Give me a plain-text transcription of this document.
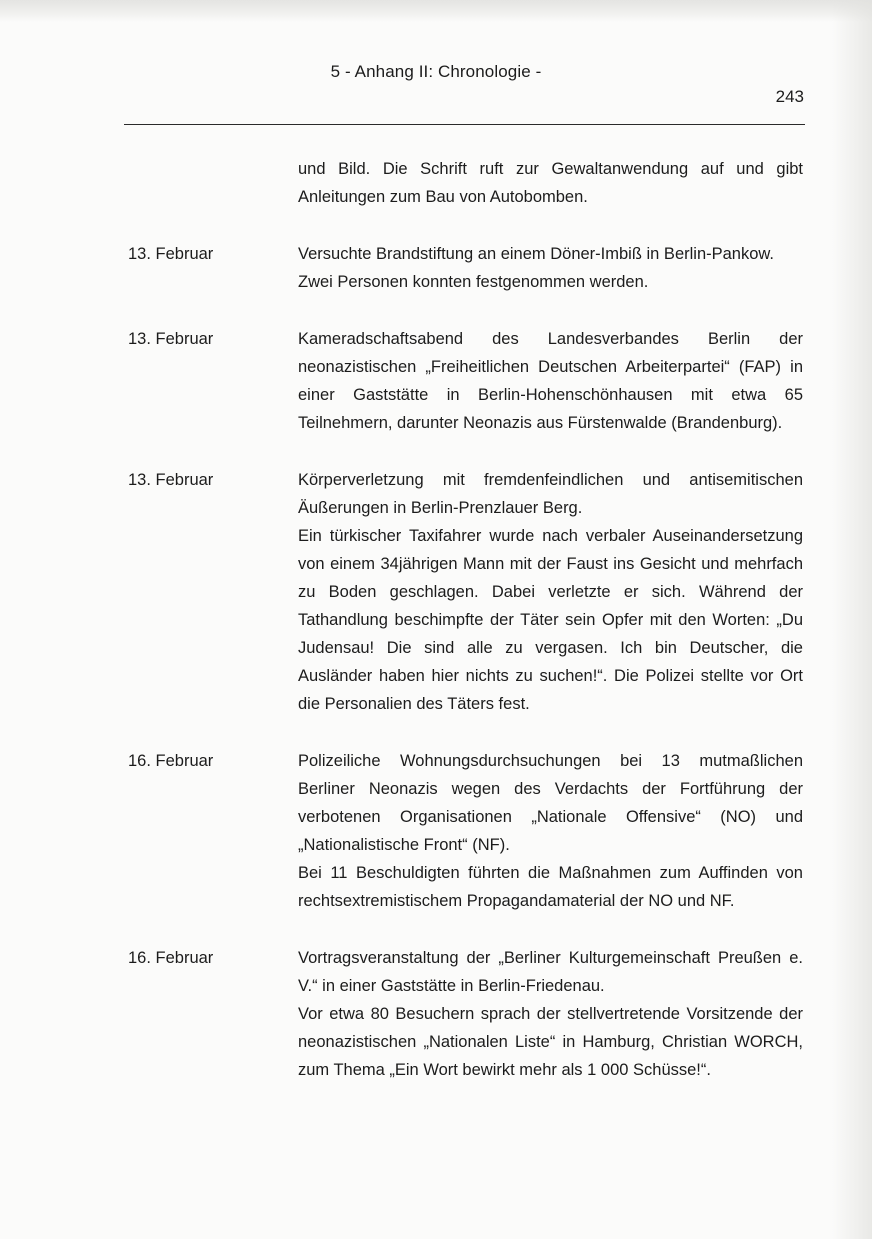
5 - Anhang II: Chronologie -
243

und Bild. Die Schrift ruft zur Gewaltanwendung auf und gibt Anleitungen zum Bau von Autobomben.

13. Februar	Versuchte Brandstiftung an einem Döner-Imbiß in Berlin-Pankow.

Zwei Personen konnten festgenommen werden.

13. Februar	Kameradschaftsabend des Landesverbandes Berlin der neonazistischen „Freiheitlichen Deutschen Arbeiterpartei“ (FAP) in einer Gaststätte in Berlin-Hohenschönhausen mit etwa 65 Teilnehmern, darunter Neonazis aus Fürstenwalde (Brandenburg).

13. Februar	Körperverletzung mit fremdenfeindlichen und antisemitischen Äußerungen in Berlin-Prenzlauer Berg.

Ein türkischer Taxifahrer wurde nach verbaler Auseinandersetzung von einem 34jährigen Mann mit der Faust ins Gesicht und mehrfach zu Boden geschlagen. Dabei verletzte er sich. Während der Tathandlung beschimpfte der Täter sein Opfer mit den Worten: „Du Judensau! Die sind alle zu vergasen. Ich bin Deutscher, die Ausländer haben hier nichts zu suchen!“. Die Polizei stellte vor Ort die Personalien des Täters fest.

16. Februar	Polizeiliche Wohnungsdurchsuchungen bei 13 mutmaßlichen Berliner Neonazis wegen des Verdachts der Fortführung der verbotenen Organisationen „Nationale Offensive“ (NO) und „Nationalistische Front“ (NF).

Bei 11 Beschuldigten führten die Maßnahmen zum Auffinden von rechtsextremistischem Propagandamaterial der NO und NF.

16. Februar	Vortragsveranstaltung der „Berliner Kulturgemeinschaft Preußen e. V.“ in einer Gaststätte in Berlin-Friedenau.

Vor etwa 80 Besuchern sprach der stellvertretende Vorsitzende der neonazistischen „Nationalen Liste“ in Hamburg, Christian WORCH, zum Thema „Ein Wort bewirkt mehr als 1 000 Schüsse!“.
